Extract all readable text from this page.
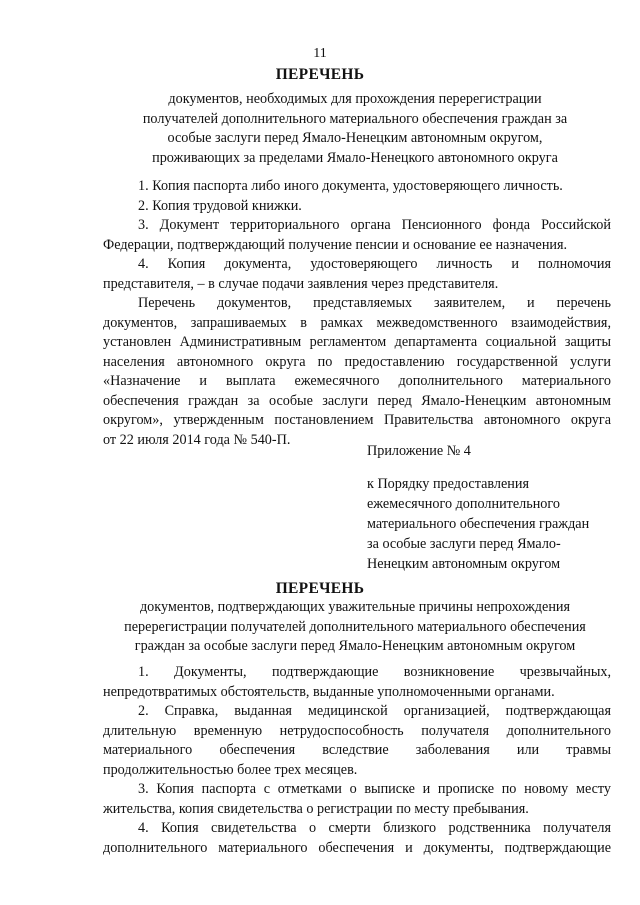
11
ПЕРЕЧЕНЬ
документов, необходимых для прохождения перерегистрации
получателей дополнительного материального обеспечения граждан за
особые заслуги перед Ямало-Ненецким автономным округом,
проживающих за пределами Ямало-Ненецкого автономного округа
1. Копия паспорта либо иного документа, удостоверяющего личность.
2. Копия трудовой книжки.
3. Документ территориального органа Пенсионного фонда Российской
Федерации, подтверждающий получение пенсии и основание ее назначения.
4. Копия документа, удостоверяющего личность и полномочия
представителя, – в случае подачи заявления через представителя.
Перечень документов, представляемых заявителем, и перечень
документов, запрашиваемых в рамках межведомственного взаимодействия,
установлен Административным регламентом департамента социальной защиты
населения автономного округа по предоставлению государственной услуги
«Назначение и выплата ежемесячного дополнительного материального
обеспечения граждан за особые заслуги перед Ямало-Ненецким автономным
округом», утвержденным постановлением Правительства автономного округа
от 22 июля 2014 года № 540-П.
Приложение № 4
к Порядку предоставления
ежемесячного дополнительного
материального обеспечения граждан
за особые заслуги перед Ямало-
Ненецким автономным округом
ПЕРЕЧЕНЬ
документов, подтверждающих уважительные причины непрохождения
перерегистрации получателей дополнительного материального обеспечения
граждан за особые заслуги перед Ямало-Ненецким автономным округом
1. Документы, подтверждающие возникновение чрезвычайных,
непредотвратимых обстоятельств, выданные уполномоченными органами.
2. Справка, выданная медицинской организацией, подтверждающая
длительную временную нетрудоспособность получателя дополнительного
материального обеспечения вследствие заболевания или травмы
продолжительностью более трех месяцев.
3. Копия паспорта с отметками о выписке и прописке по новому месту
жительства, копия свидетельства о регистрации по месту пребывания.
4. Копия свидетельства о смерти близкого родственника получателя
дополнительного материального обеспечения и документы, подтверждающие
